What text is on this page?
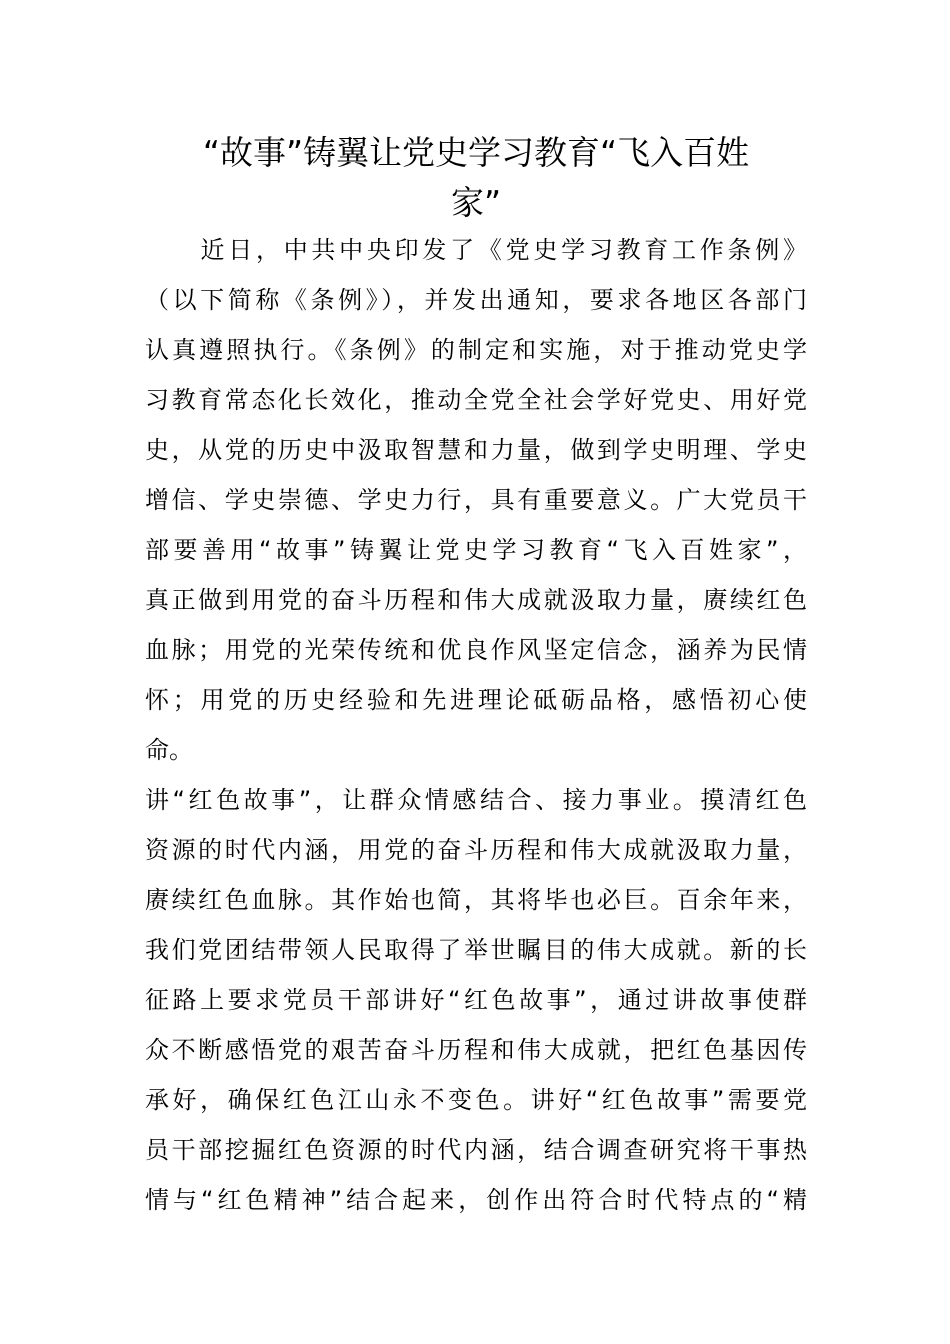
“故事”铸翼让党史学习教育“飞入百姓
家”
　　近日，中共中央印发了《党史学习教育工作条例》
（以下简称《条例》），并发出通知，要求各地区各部门
认真遵照执行。《条例》的制定和实施，对于推动党史学
习教育常态化长效化，推动全党全社会学好党史、用好党
史，从党的历史中汲取智慧和力量，做到学史明理、学史
增信、学史崇德、学史力行，具有重要意义。广大党员干
部要善用“故事”铸翼让党史学习教育“飞入百姓家”，
真正做到用党的奋斗历程和伟大成就汲取力量，赓续红色
血脉；用党的光荣传统和优良作风坚定信念，涵养为民情
怀；用党的历史经验和先进理论砥砺品格，感悟初心使
命。
讲“红色故事”，让群众情感结合、接力事业。摸清红色
资源的时代内涵，用党的奋斗历程和伟大成就汲取力量，
赓续红色血脉。其作始也简，其将毕也必巨。百余年来，
我们党团结带领人民取得了举世瞩目的伟大成就。新的长
征路上要求党员干部讲好“红色故事”，通过讲故事使群
众不断感悟党的艰苦奋斗历程和伟大成就，把红色基因传
承好，确保红色江山永不变色。讲好“红色故事”需要党
员干部挖掘红色资源的时代内涵，结合调查研究将干事热
情与“红色精神”结合起来，创作出符合时代特点的“精
